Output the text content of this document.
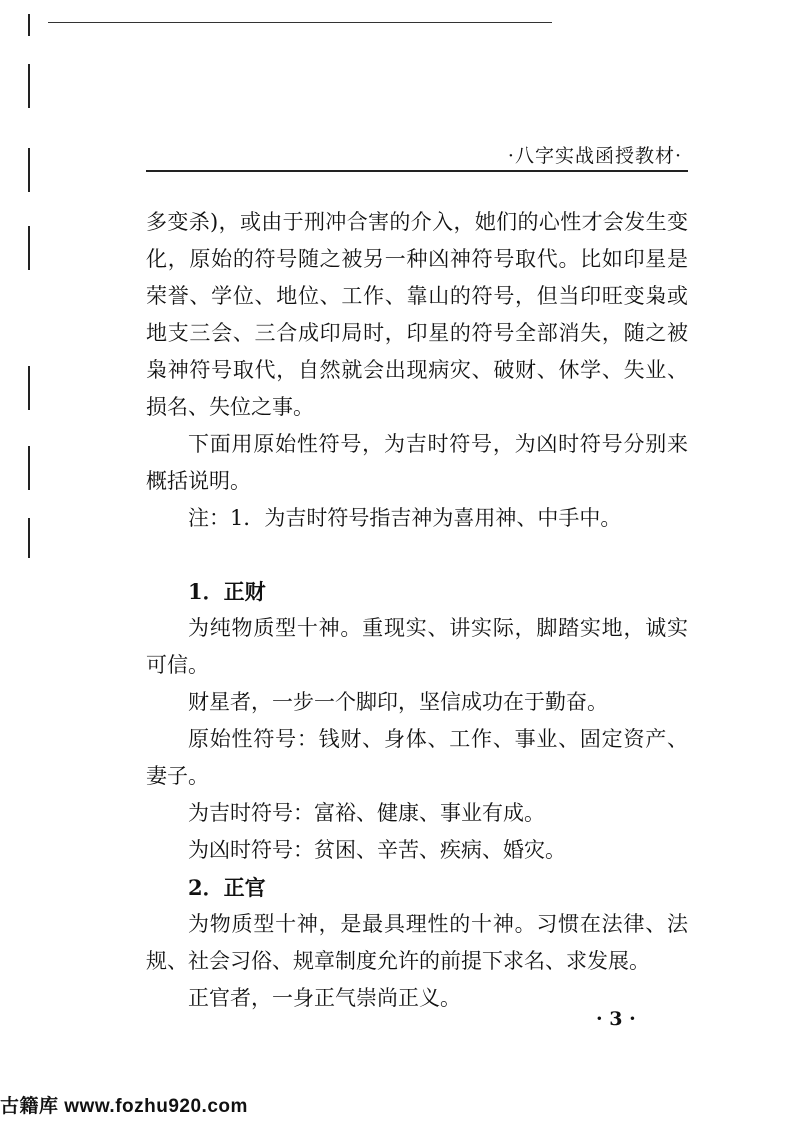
·八字实战函授教材·

多变杀)，或由于刑冲合害的介入，她们的心性才会发生变化，原始的符号随之被另一种凶神符号取代。比如印星是荣誉、学位、地位、工作、靠山的符号，但当印旺变枭或地支三会、三合成印局时，印星的符号全部消失，随之被枭神符号取代，自然就会出现病灾、破财、休学、失业、损名、失位之事。

下面用原始性符号，为吉时符号，为凶时符号分别来概括说明。

注：1．为吉时符号指吉神为喜用神、中手中。

1．正财

为纯物质型十神。重现实、讲实际，脚踏实地，诚实可信。

财星者，一步一个脚印，坚信成功在于勤奋。

原始性符号：钱财、身体、工作、事业、固定资产、妻子。

为吉时符号：富裕、健康、事业有成。

为凶时符号：贫困、辛苦、疾病、婚灾。

2．正官

为物质型十神，是最具理性的十神。习惯在法律、法规、社会习俗、规章制度允许的前提下求名、求发展。

正官者，一身正气崇尚正义。

· 3 ·
古籍库 www.fozhu920.com
